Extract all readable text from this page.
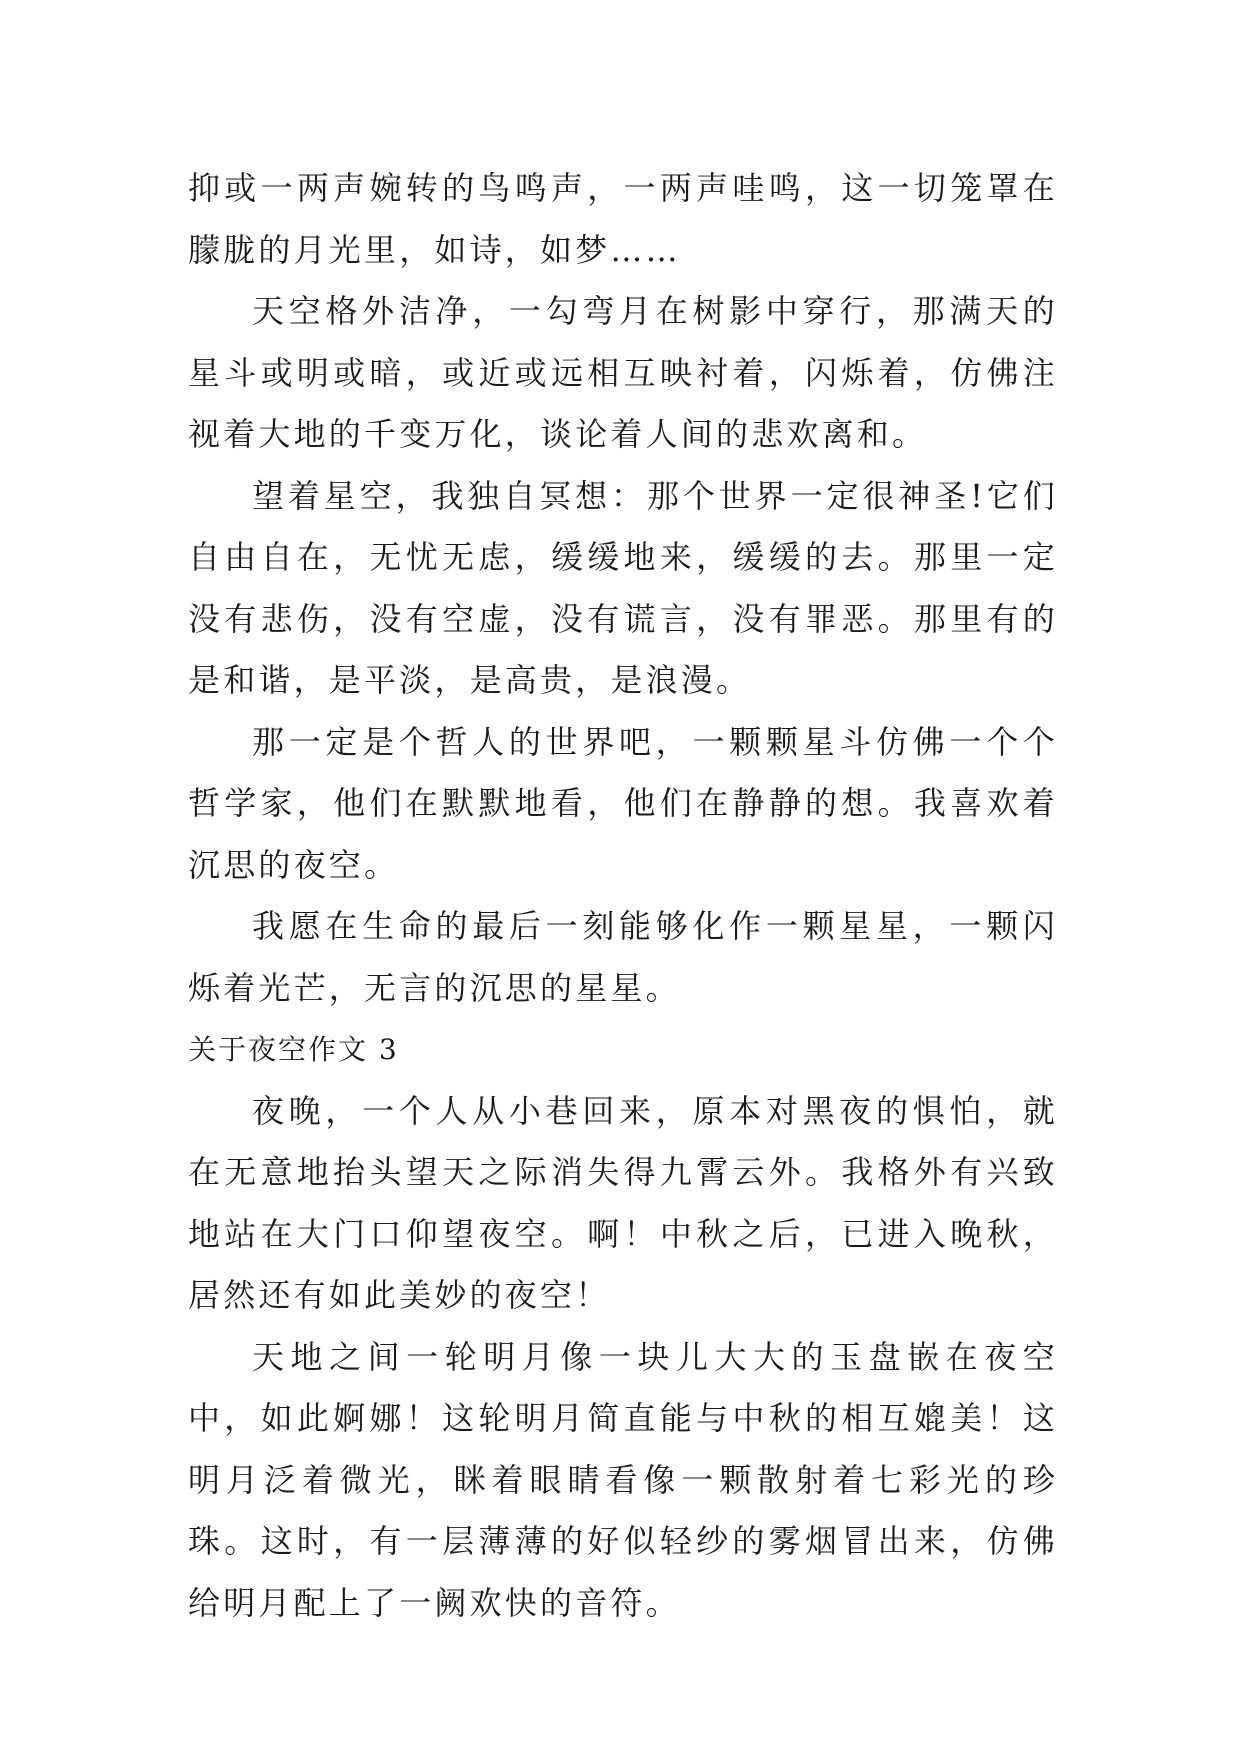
抑或一两声婉转的鸟鸣声，一两声哇鸣，这一切笼罩在朦胧的月光里，如诗，如梦……

天空格外洁净，一勾弯月在树影中穿行，那满天的星斗或明或暗，或近或远相互映衬着，闪烁着，仿佛注视着大地的千变万化，谈论着人间的悲欢离和。

望着星空，我独自冥想：那个世界一定很神圣!它们自由自在，无忧无虑，缓缓地来，缓缓的去。那里一定没有悲伤，没有空虚，没有谎言，没有罪恶。那里有的是和谐，是平淡，是高贵，是浪漫。

那一定是个哲人的世界吧，一颗颗星斗仿佛一个个哲学家，他们在默默地看，他们在静静的想。我喜欢着沉思的夜空。

我愿在生命的最后一刻能够化作一颗星星，一颗闪烁着光芒，无言的沉思的星星。

关于夜空作文 3

夜晚，一个人从小巷回来，原本对黑夜的惧怕，就在无意地抬头望天之际消失得九霄云外。我格外有兴致地站在大门口仰望夜空。啊！中秋之后，已进入晚秋，居然还有如此美妙的夜空！

天地之间一轮明月像一块儿大大的玉盘嵌在夜空中，如此婀娜！这轮明月简直能与中秋的相互媲美！这明月泛着微光，眯着眼睛看像一颗散射着七彩光的珍珠。这时，有一层薄薄的好似轻纱的雾烟冒出来，仿佛给明月配上了一阙欢快的音符。
